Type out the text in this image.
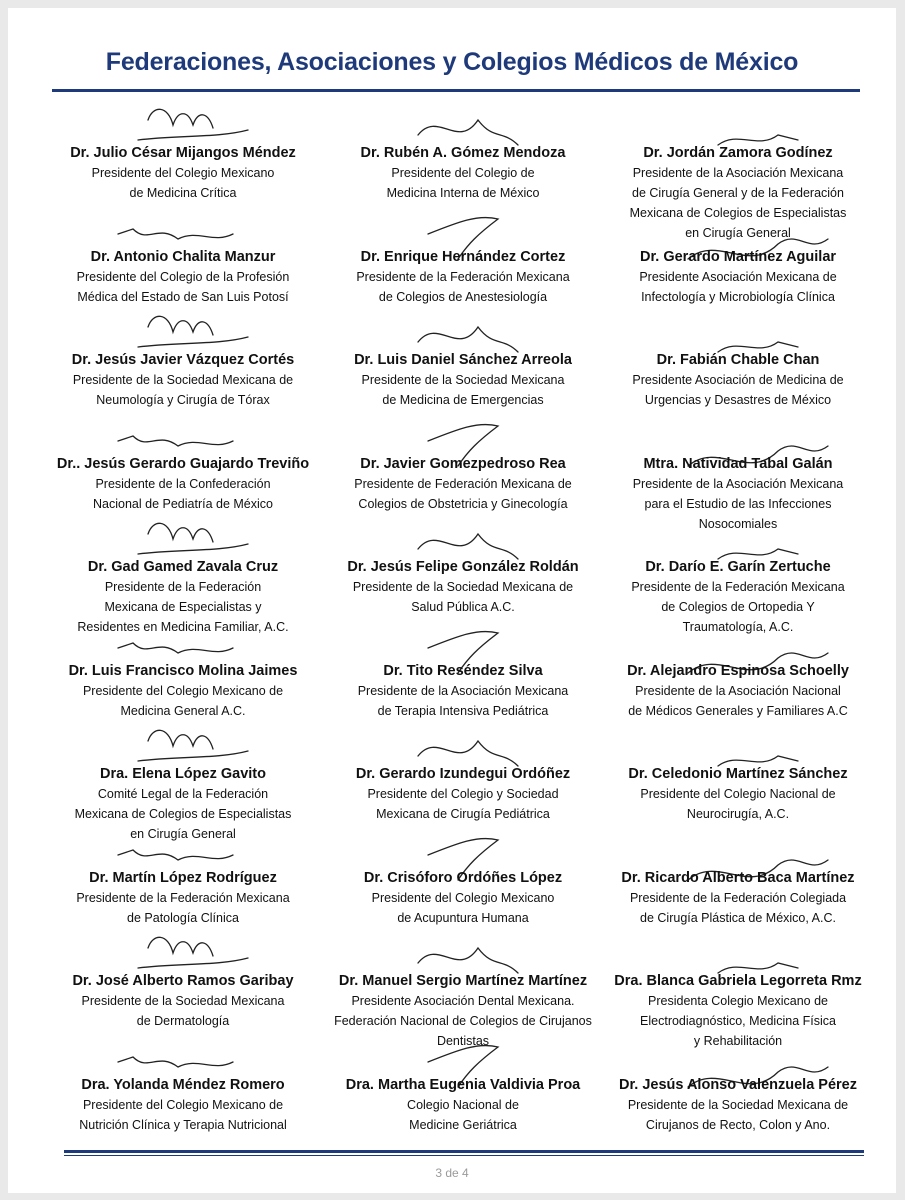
Federaciones, Asociaciones y Colegios Médicos de México
Dr. Julio César Mijangos Méndez
Presidente del Colegio Mexicano
de Medicina Crítica
Dr. Rubén A. Gómez Mendoza
Presidente del Colegio de
Medicina Interna de México
Dr. Jordán Zamora Godínez
Presidente de la Asociación Mexicana
de Cirugía General y de la Federación
Mexicana de Colegios de Especialistas
en Cirugía General
Dr. Antonio Chalita Manzur
Presidente del Colegio de la Profesión
Médica del Estado de San Luis Potosí
Dr. Enrique Hernández Cortez
Presidente de la Federación Mexicana
de Colegios de Anestesiología
Dr. Gerardo Martínez Aguilar
Presidente Asociación Mexicana de
Infectología y Microbiología Clínica
Dr. Jesús Javier Vázquez Cortés
Presidente de la Sociedad Mexicana de
Neumología y Cirugía de Tórax
Dr. Luis Daniel Sánchez Arreola
Presidente de la Sociedad Mexicana
de Medicina de Emergencias
Dr. Fabián Chable Chan
Presidente Asociación de Medicina de
Urgencias y Desastres de México
Dr.. Jesús Gerardo Guajardo Treviño
Presidente de la Confederación
Nacional de Pediatría de México
Dr. Javier Gomezpedroso Rea
Presidente de Federación Mexicana de
Colegios de Obstetricia y Ginecología
Mtra. Natividad Tabal Galán
Presidente de la Asociación Mexicana
para el Estudio de las Infecciones
Nosocomiales
Dr. Gad Gamed Zavala Cruz
Presidente de la Federación
Mexicana de Especialistas y
Residentes en Medicina Familiar, A.C.
Dr. Jesús Felipe González Roldán
Presidente de la Sociedad Mexicana de
Salud Pública A.C.
Dr. Darío E. Garín Zertuche
Presidente de la Federación Mexicana
de Colegios de Ortopedia Y
Traumatología, A.C.
Dr. Luis Francisco Molina Jaimes
Presidente del Colegio Mexicano de
Medicina General A.C.
Dr. Tito Reséndez Silva
Presidente de la Asociación Mexicana
de Terapia Intensiva Pediátrica
Dr. Alejandro Espinosa Schoelly
Presidente de la Asociación Nacional
de Médicos Generales y Familiares A.C
Dra. Elena López Gavito
Comité Legal de la Federación
Mexicana de Colegios de Especialistas
en Cirugía General
Dr. Gerardo Izundegui Ordóñez
Presidente del Colegio y Sociedad
Mexicana de Cirugía Pediátrica
Dr. Celedonio Martínez Sánchez
Presidente del Colegio Nacional de
Neurocirugía, A.C.
Dr. Martín López Rodríguez
Presidente de la Federación Mexicana
de Patología Clínica
Dr. Crisóforo Ordóñes López
Presidente del Colegio Mexicano
de Acupuntura Humana
Dr. Ricardo Alberto Baca Martínez
Presidente de la Federación Colegiada
de Cirugía Plástica de México, A.C.
Dr. José Alberto Ramos Garibay
Presidente de la Sociedad Mexicana
de Dermatología
Dr. Manuel Sergio Martínez Martínez
Presidente Asociación Dental Mexicana.
Federación Nacional de Colegios de Cirujanos
Dentistas
Dra. Blanca Gabriela Legorreta Rmz
Presidenta Colegio Mexicano de
Electrodiagnóstico, Medicina Física
y Rehabilitación
Dra. Yolanda Méndez Romero
Presidente del Colegio Mexicano de
Nutrición Clínica y Terapia Nutricional
Dra. Martha Eugenia Valdivia Proa
Colegio Nacional de
Medicine Geriátrica
Dr. Jesús Alonso Valenzuela Pérez
Presidente de la Sociedad Mexicana de
Cirujanos de Recto, Colon y Ano.
3 de 4
